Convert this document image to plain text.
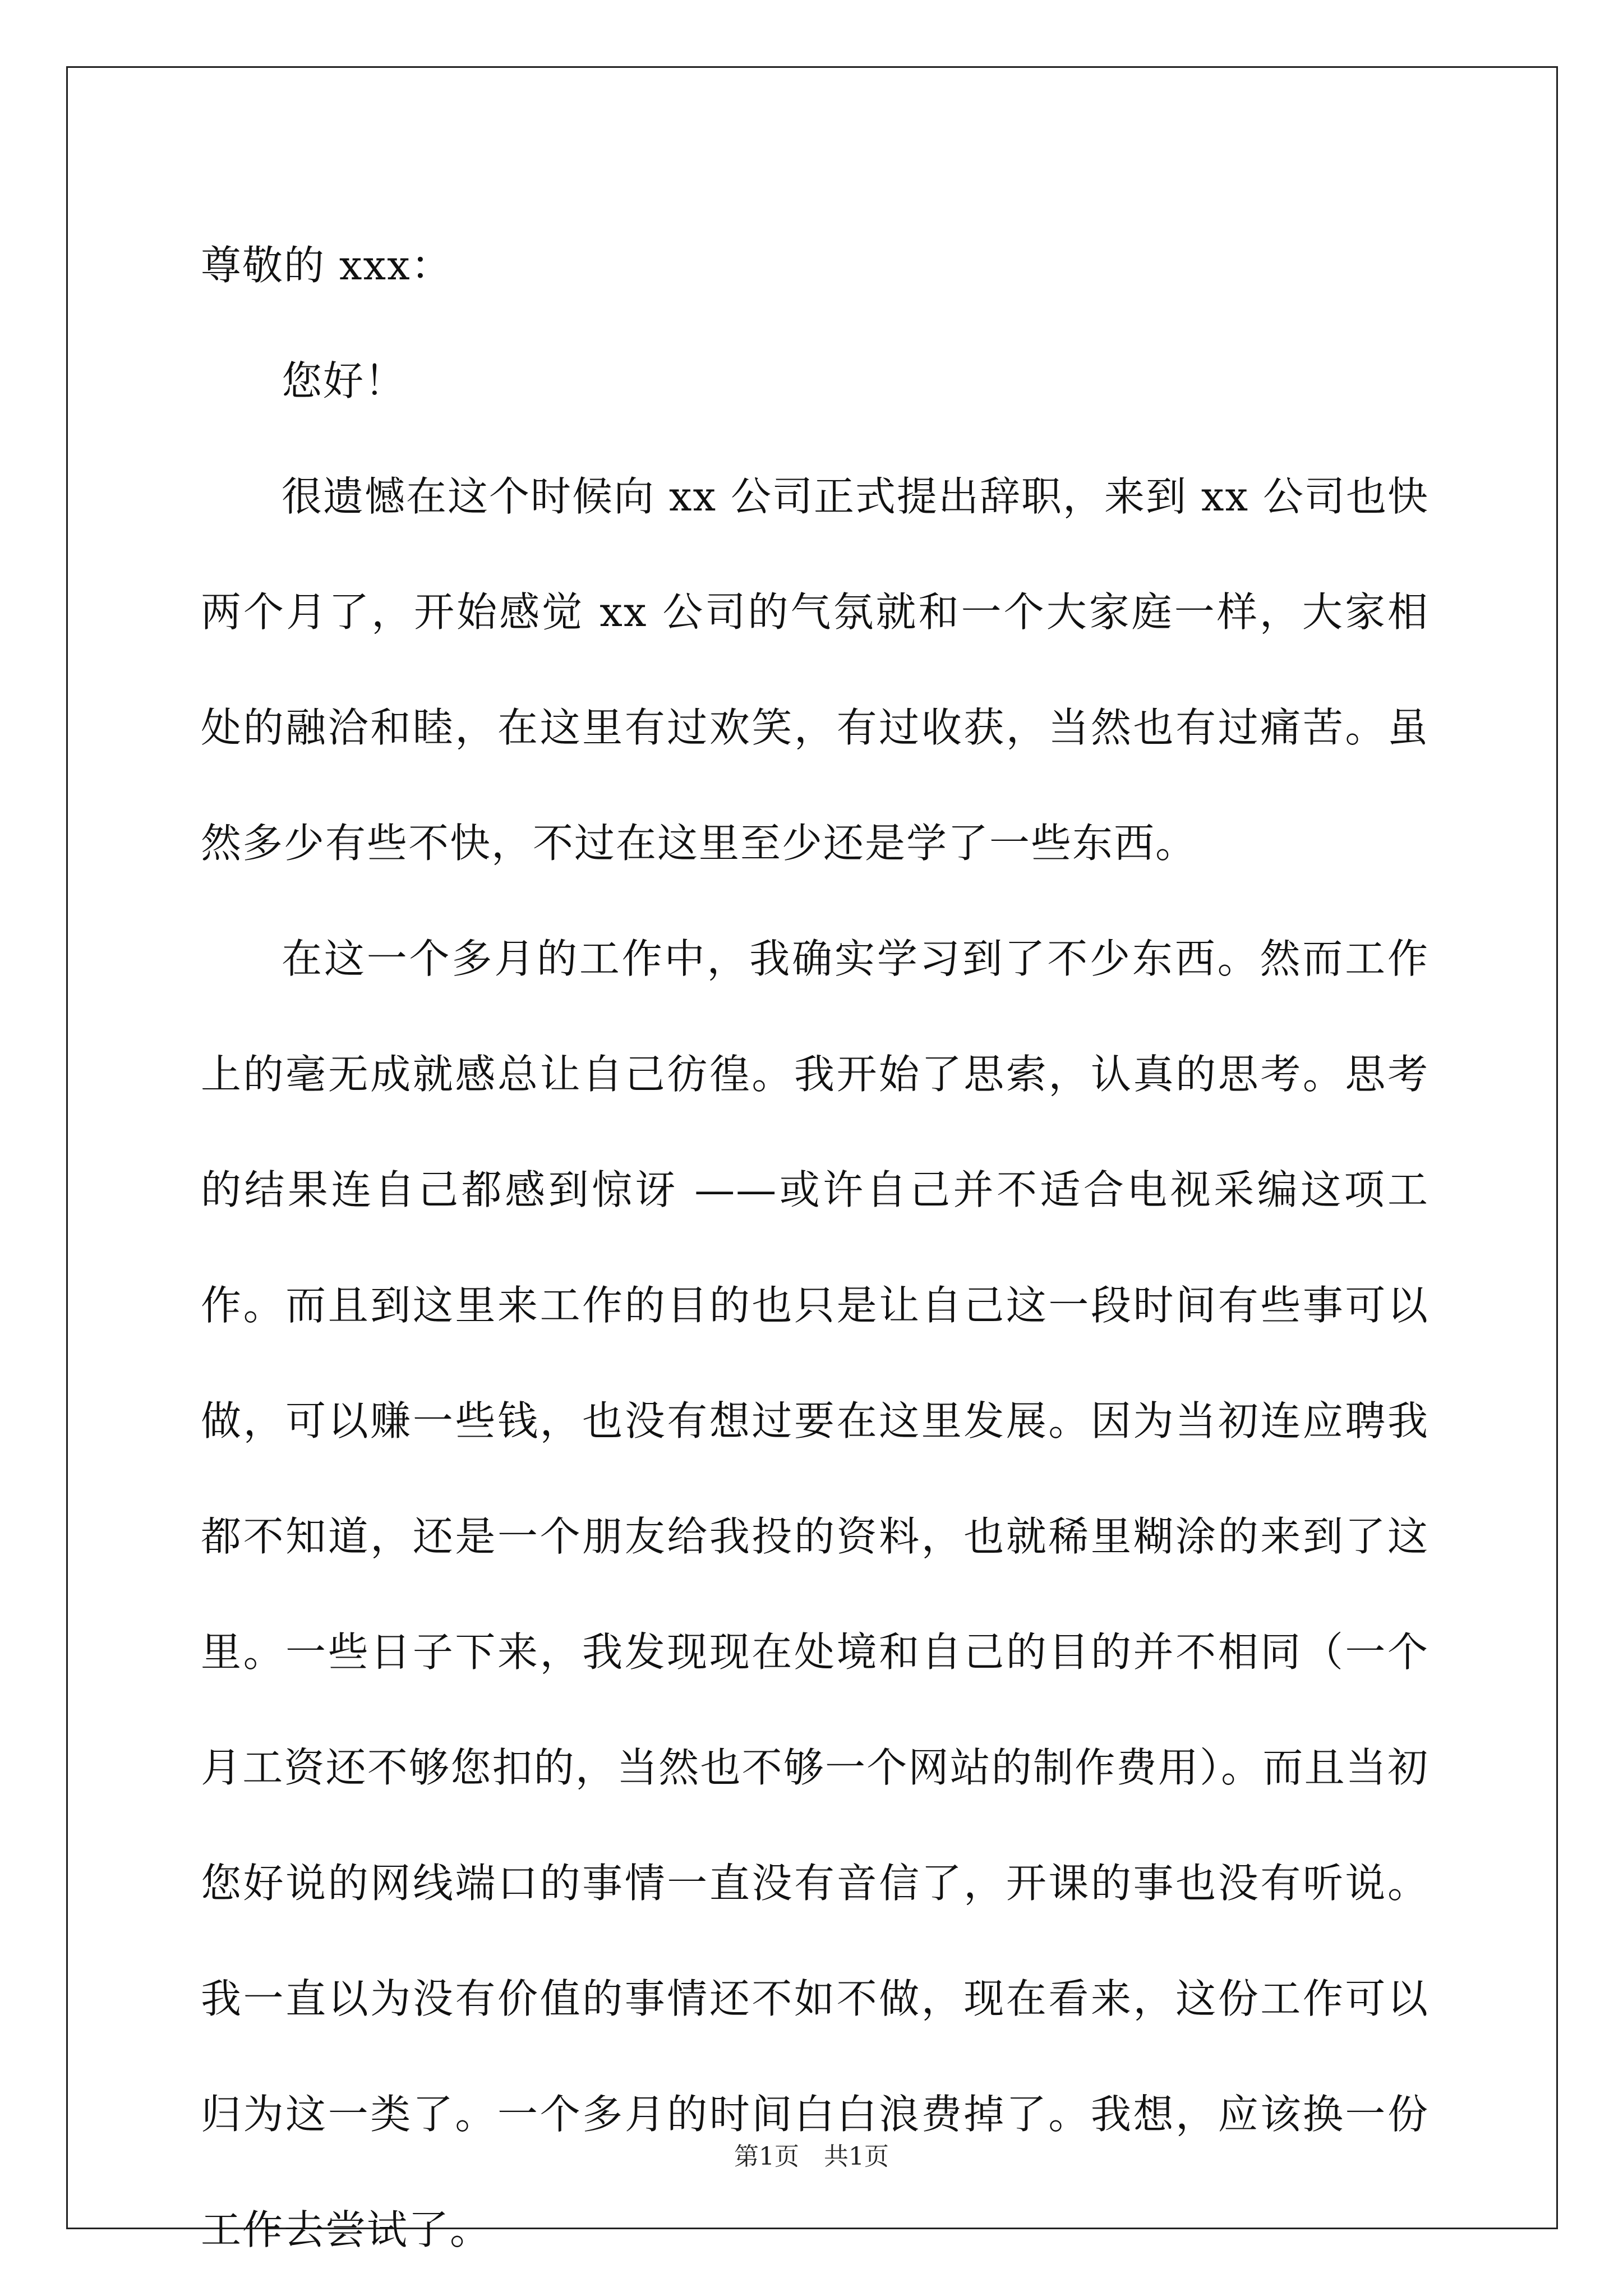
尊敬的 xxx：

您好！

很遗憾在这个时候向 xx 公司正式提出辞职，来到 xx 公司也快两个月了，开始感觉 xx 公司的气氛就和一个大家庭一样，大家相处的融洽和睦，在这里有过欢笑，有过收获，当然也有过痛苦。虽然多少有些不快，不过在这里至少还是学了一些东西。

在这一个多月的工作中，我确实学习到了不少东西。然而工作上的毫无成就感总让自己彷徨。我开始了思索，认真的思考。思考的结果连自己都感到惊讶 ——或许自己并不适合电视采编这项工作。而且到这里来工作的目的也只是让自己这一段时间有些事可以做，可以赚一些钱，也没有想过要在这里发展。因为当初连应聘我都不知道，还是一个朋友给我投的资料，也就稀里糊涂的来到了这里。一些日子下来，我发现现在处境和自己的目的并不相同（一个月工资还不够您扣的，当然也不够一个网站的制作费用）。而且当初您好说的网线端口的事情一直没有音信了，开课的事也没有听说。我一直以为没有价值的事情还不如不做，现在看来，这份工作可以归为这一类了。一个多月的时间白白浪费掉了。我想，应该换一份工作去尝试了。

第1页 共1页
